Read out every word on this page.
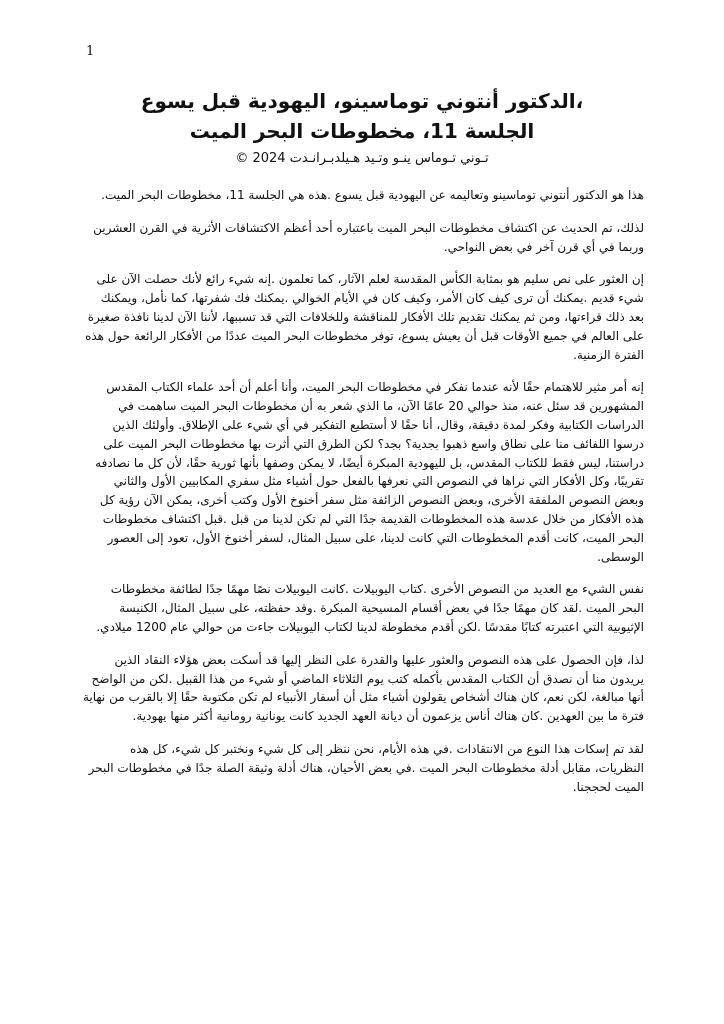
1
،الدكتور أنتوني توماسينو، اليهودية قبل يسوع
الجلسة 11، مخطوطات البحر الميت
تـوني تـوماس ينـو وتـيد هـيلدبـرانـدت 2024 ©

هذا هو الدكتور أنتوني توماسينو وتعاليمه عن اليهودية قبل يسوع .هذه هي الجلسة 11، مخطوطات البحر الميت.

لذلك، تم الحديث عن اكتشاف مخطوطات البحر الميت باعتباره أحد أعظم الاكتشافات الأثرية في القرن العشرين وربما في أي قرن آخر في بعض النواحي.

إن العثور على نص سليم هو بمثابة الكأس المقدسة لعلم الآثار، كما تعلمون .إنه شيء رائع لأنك حصلت الآن على شيء قديم .يمكنك أن ترى كيف كان الأمر، وكيف كان في الأيام الخوالي .يمكنك فك شفرتها، كما نأمل، ويمكنك بعد ذلك قراءتها، ومن ثم يمكنك تقديم تلك الأفكار للمناقشة وللخلافات التي قد تسببها، لأننا الآن لدينا نافذة صغيرة على العالم في جميع الأوقات قبل أن يعيش يسوع، توفر مخطوطات البحر الميت عددًا من الأفكار الرائعة حول هذه الفترة الزمنية.

إنه أمر مثير للاهتمام حقًا لأنه عندما نفكر في مخطوطات البحر الميت، وأنا أعلم أن أحد علماء الكتاب المقدس المشهورين قد سئل عنه، منذ حوالي 20 عامًا الآن، ما الذي شعر به أن مخطوطات البحر الميت ساهمت في الدراسات الكتابية وفكر لمدة دقيقة، وقال، أنا حقًا لا أستطيع التفكير في أي شيء على الإطلاق. وأولئك الذين درسوا اللفائف منا على نطاق واسع ذهبوا بجدية؟ بجد؟ لكن الطرق التي أثرت بها مخطوطات البحر الميت على دراستنا، ليس فقط للكتاب المقدس، بل لليهودية المبكرة أيضًا، لا يمكن وصفها بأنها ثورية حقًا، لأن كل ما نصادفه تقريبًا، وكل الأفكار التي نراها في النصوص التي نعرفها بالفعل حول أشياء مثل سفري المكابيين الأول والثاني وبعض النصوص الملفقة الأخرى، وبعض النصوص الزائفة مثل سفر أخنوخ الأول وكتب أخرى، يمكن الآن رؤية كل هذه الأفكار من خلال عدسة هذه المخطوطات القديمة جدًا التي لم تكن لدينا من قبل .قبل اكتشاف مخطوطات البحر الميت، كانت أقدم المخطوطات التي كانت لدينا، على سبيل المثال، لسفر أخنوخ الأول، تعود إلى العصور الوسطى.

نفس الشيء مع العديد من النصوص الأخرى .كتاب اليوبيلات .كانت اليوبيلات نصًا مهمًا جدًا لطائفة مخطوطات البحر الميت .لقد كان مهمًا جدًا في بعض أقسام المسيحية المبكرة .وقد حفظته، على سبيل المثال، الكنيسة الإثيوبية التي اعتبرته كتابًا مقدسًا .لكن أقدم مخطوطة لدينا لكتاب اليوبيلات جاءت من حوالي عام 1200 ميلادي.

لذا، فإن الحصول على هذه النصوص والعثور عليها والقدرة على النظر إليها قد أسكت بعض هؤلاء النقاد الذين يريدون منا أن نصدق أن الكتاب المقدس بأكمله كتب يوم الثلاثاء الماضي أو شيء من هذا القبيل .لكن من الواضح أنها مبالغة، لكن نعم، كان هناك أشخاص يقولون أشياء مثل أن أسفار الأنبياء لم تكن مكتوبة حقًا إلا بالقرب من نهاية فترة ما بين العهدين .كان هناك أناس يزعمون أن ديانة العهد الجديد كانت يونانية رومانية أكثر منها يهودية.

لقد تم إسكات هذا النوع من الانتقادات .في هذه الأيام، نحن ننظر إلى كل شيء ونختبر كل شيء، كل هذه النظريات، مقابل أدلة مخطوطات البحر الميت .في بعض الأحيان، هناك أدلة وثيقة الصلة جدًا في مخطوطات البحر الميت لحججنا.
